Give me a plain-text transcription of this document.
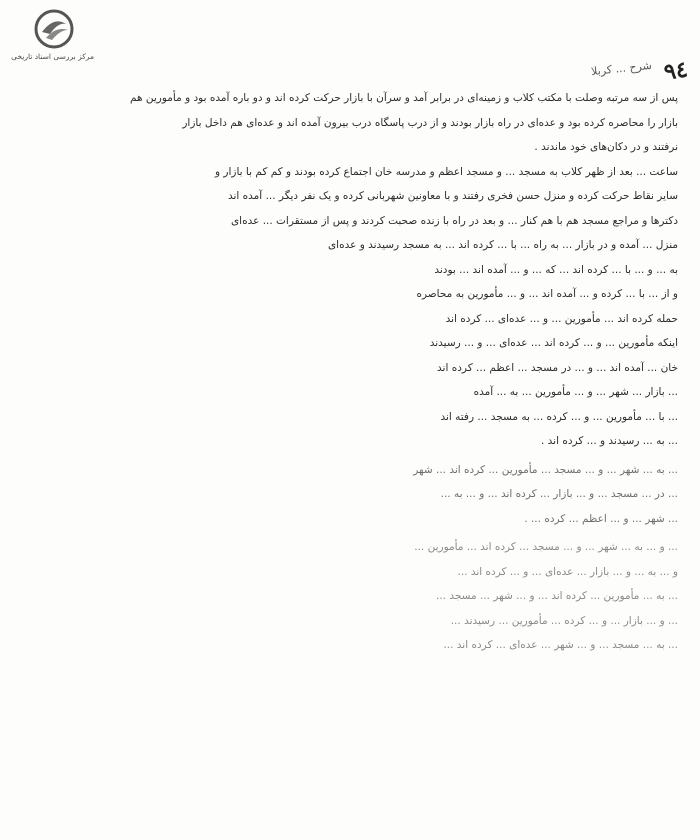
مرکز بررسی اسناد تاریخی	٩٤
شرح ... کربلا
پس از سه مرتبه وصلت با مکتب کلاب و زمینه‌ای در برابر آمد و سرآن با بازار حرکت کرده اند و دو باره آمده بود و مأمورین هم
بازار را محاصره کرده بود و عده‌ای در راه بازار بودند و از درب پاسگاه درب بیرون آمده اند و عده‌ای هم داخل بازار
نرفتند و در دکان‌های خود ماندند .
ساعت ... بعد از ظهر کلاب به مسجد ... و مسجد اعظم و مدرسه خان اجتماع کرده بودند و کم کم با بازار و
سایر نقاط حرکت کرده و منزل حسن فخری رفتند و با معاونین شهربانی کرده و یک نفر دیگر ... آمده اند
دکترها و مراجع مسجد هم با هم کنار ... و بعد در راه با زنده صحبت کردند و پس از مستقرات ... عده‌ای
منزل ... آمده و در بازار ... به راه ... با ... کرده اند ... به مسجد رسیدند و عده‌ای
به ... و ... با ... کرده اند ... که ... و ... آمده اند ... بودند
و از ... با ... کرده و ... آمده اند ... و ... مأمورین به محاصره
حمله کرده اند ... مأمورین ... و ... عده‌ای ... کرده اند
اینکه مأمورین ... و ... کرده اند ... عده‌ای ... و ... رسیدند
خان ... آمده اند ... و ... در مسجد ... اعظم ... کرده اند
... بازار ... شهر ... و ... مأمورین ... به ... آمده
... با ... مأمورین ... و ... کرده ... به مسجد ... رفته اند
... به ... رسیدند و ... کرده اند .
... به ... شهر ... و ... مسجد ... مأمورین ... کرده اند ... شهر
... در ... مسجد ... و ... بازار ... کرده اند ... و ... به ...
... شهر ... و ... اعظم ... کرده ... .
... و ... به ... شهر ... و ... مسجد ... کرده اند ... مأمورین ...
و ... به ... و ... بازار ... عده‌ای ... و ... کرده اند ...
... به ... مأمورین ... کرده اند ... و ... شهر ... مسجد ...
... و ... بازار ... و ... کرده ... مأمورین ... رسیدند ...
... به ... مسجد ... و ... شهر ... عده‌ای ... کرده اند ...
